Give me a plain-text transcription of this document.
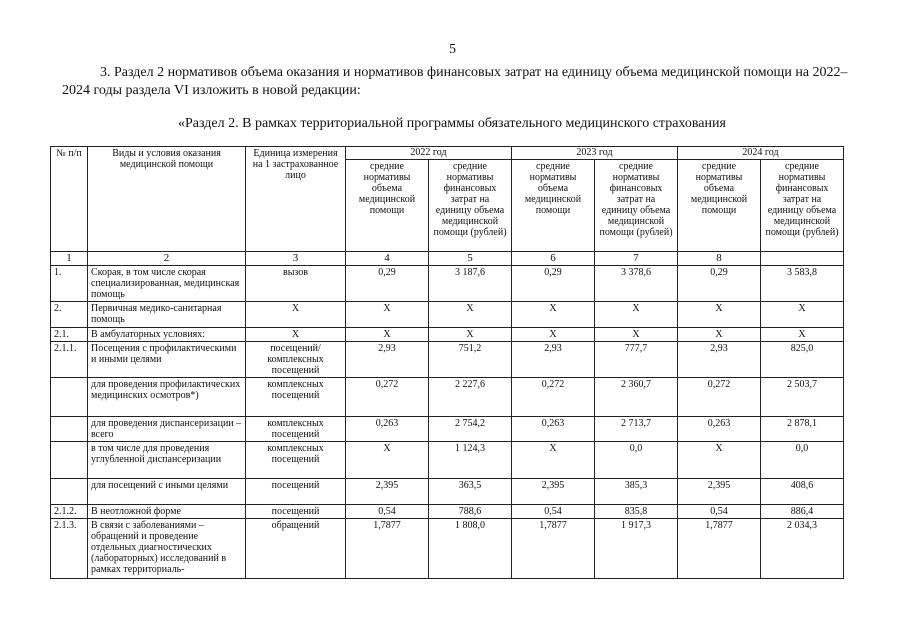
5
3. Раздел 2 нормативов объема оказания и нормативов финансовых затрат на единицу объема медицинской помощи на 2022–2024 годы раздела VI изложить в новой редакции:
«Раздел 2. В рамках территориальной программы обязательного медицинского страхования
№ п/п	Виды и условия оказания медицинской помощи	Единица измерения на 1 застрахованное лицо	2022 год		2023 год		2024 год	
			средние нормативы объема медицинской помощи	средние нормативы финансовых затрат на единицу объема медицинской помощи (рублей)	средние нормативы объема медицинской помощи	средние нормативы финансовых затрат на единицу объема медицинской помощи (рублей)	средние нормативы объема медицинской помощи	средние нормативы финансовых затрат на единицу объема медицинской помощи (рублей)
1	2	3	4	5	6	7	8	
1.	Скорая, в том числе скорая специализированная, медицинская помощь	вызов	0,29	3 187,6	0,29	3 378,6	0,29	3 583,8
2.	Первичная медико-санитарная помощь	X	X	X	X	X	X	X
2.1.	В амбулаторных условиях:	X	X	X	X	X	X	X
2.1.1.	Посещения с профилактическими и иными целями	посещений/ комплексных посещений	2,93	751,2	2,93	777,7	2,93	825,0
	для проведения профилактических медицинских осмотров*)	комплексных посещений	0,272	2 227,6	0,272	2 360,7	0,272	2 503,7
	для проведения диспансеризации – всего	комплексных посещений	0,263	2 754,2	0,263	2 713,7	0,263	2 878,1
	в том числе для проведения углубленной диспансеризации	комплексных посещений	X	1 124,3	X	0,0	X	0,0
	для посещений с иными целями	посещений	2,395	363,5	2,395	385,3	2,395	408,6
2.1.2.	В неотложной форме	посещений	0,54	788,6	0,54	835,8	0,54	886,4
2.1.3.	В связи с заболеваниями – обращений и проведение отдельных диагностических (лабораторных) исследований в рамках территориаль-	обращений	1,7877	1 808,0	1,7877	1 917,3	1,7877	2 034,3
